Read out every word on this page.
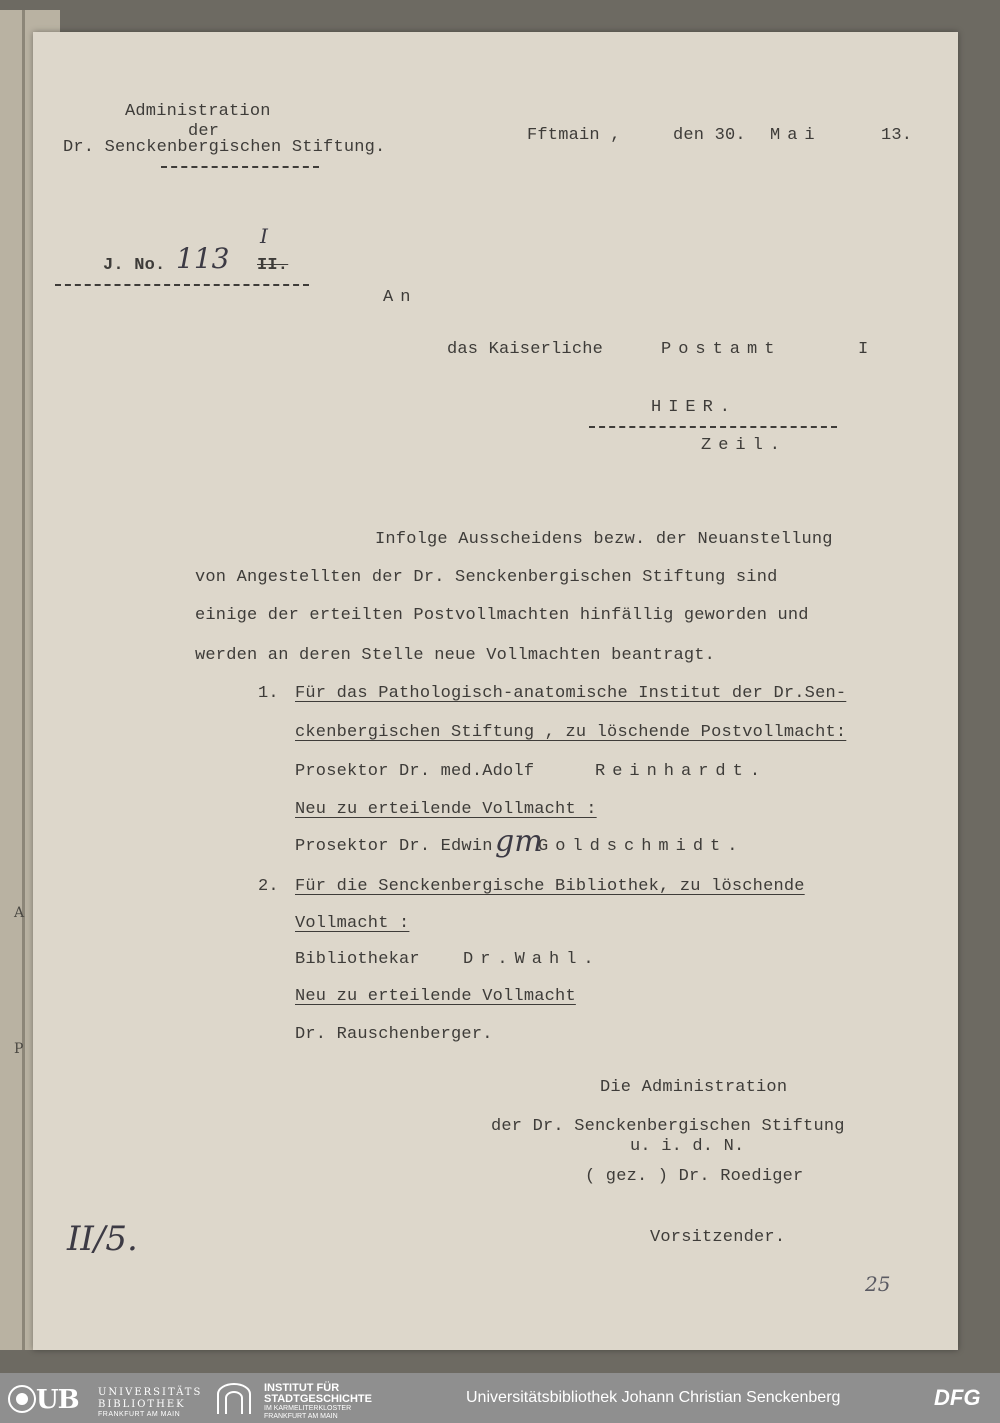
A
P
Administration
der
Dr. Senckenbergischen Stiftung.
Fftmain ,	den 30. Mai	13.
J. No. 113
I
II.
An
das Kaiserliche	Postamt	I
HIER.
Zeil.
Infolge Ausscheidens bezw. der Neuanstellung
von Angestellten der Dr. Senckenbergischen Stiftung sind
einige der erteilten Postvollmachten hinfällig geworden und
werden an deren Stelle neue Vollmachten beantragt.
1. Für das Pathologisch-anatomische Institut der Dr.Sen-
ckenbergischen Stiftung , zu löschende Postvollmacht:
Prosektor Dr. med.Adolf	Reinhardt.
Neu zu erteilende Vollmacht :
Prosektor Dr. Edwin	Goldschmidt.
gm
2. Für die Senckenbergische Bibliothek, zu löschende
Vollmacht :
Bibliothekar	Dr.Wahl.
Neu zu erteilende Vollmacht
Dr. Rauschenberger.
Die Administration
der Dr. Senckenbergischen Stiftung
u. i. d. N.
( gez. ) Dr. Roediger
Vorsitzender.
II/5.
25
UB UNIVERSITÄTS
BIBLIOTHEK
FRANKFURT AM MAIN
INSTITUT FÜR
STADTGESCHICHTE
IM KARMELITERKLOSTER
FRANKFURT AM MAIN
Universitätsbibliothek Johann Christian Senckenberg	DFG
